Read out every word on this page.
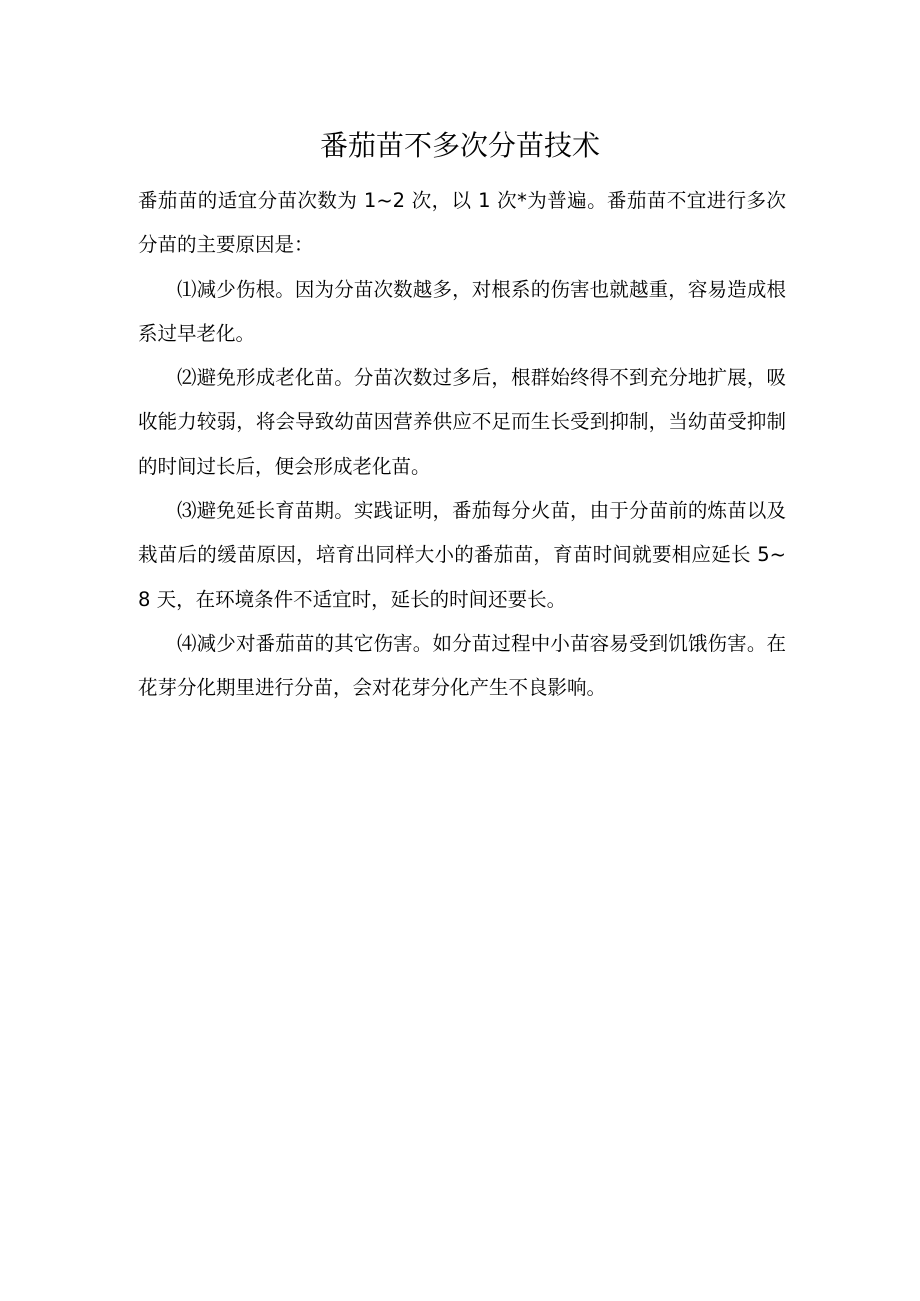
番茄苗不多次分苗技术

番茄苗的适宜分苗次数为 1~2 次，以 1 次*为普遍。番茄苗不宜进行多次分苗的主要原因是：

⑴减少伤根。因为分苗次数越多，对根系的伤害也就越重，容易造成根系过早老化。

⑵避免形成老化苗。分苗次数过多后，根群始终得不到充分地扩展，吸收能力较弱，将会导致幼苗因营养供应不足而生长受到抑制，当幼苗受抑制的时间过长后，便会形成老化苗。

⑶避免延长育苗期。实践证明，番茄每分火苗，由于分苗前的炼苗以及栽苗后的缓苗原因，培育出同样大小的番茄苗，育苗时间就要相应延长 5~8 天，在环境条件不适宜时，延长的时间还要长。

⑷减少对番茄苗的其它伤害。如分苗过程中小苗容易受到饥饿伤害。在花芽分化期里进行分苗，会对花芽分化产生不良影响。
